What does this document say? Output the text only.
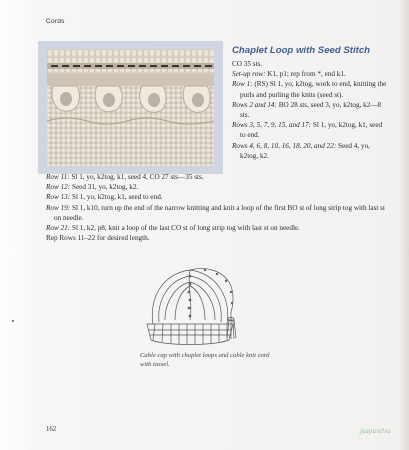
Cords
Chaplet Loop with Seed Stitch

CO 35 sts.

Set-up row: K1, p1; rep from *, end k1.

Row 1: (RS) Sl 1, yo, k2tog, work to end, knitting the purls and purling the knits (seed st).

Rows 2 and 14: BO 28 sts, seed 3, yo, k2tog, k2—8 sts.

Rows 3, 5, 7, 9, 15, and 17: Sl 1, yo, k2tog, k1, seed to end.

Rows 4, 6, 8, 10, 16, 18, 20, and 22: Seed 4, yo, k2tog, k2.

Row 11: Sl 1, yo, k2tog, k1, seed 4, CO 27 sts—35 sts.

Row 12: Seed 31, yo, k2tog, k2.

Row 13: Sl 1, yo, k2tog, k1, seed to end.

Row 19: Sl 1, k10, turn up the end of the narrow knitting and knit a loop of the first BO st of long strip tog with last st on needle.

Row 21: Sl 1, k2, p8, knit a loop of the last CO st of long strip tog with last st on needle.

Rep Rows 11–22 for desired length.

Cable cap with chaplet loops and cable knit cord with tassel.
162	јаѕрипдга
